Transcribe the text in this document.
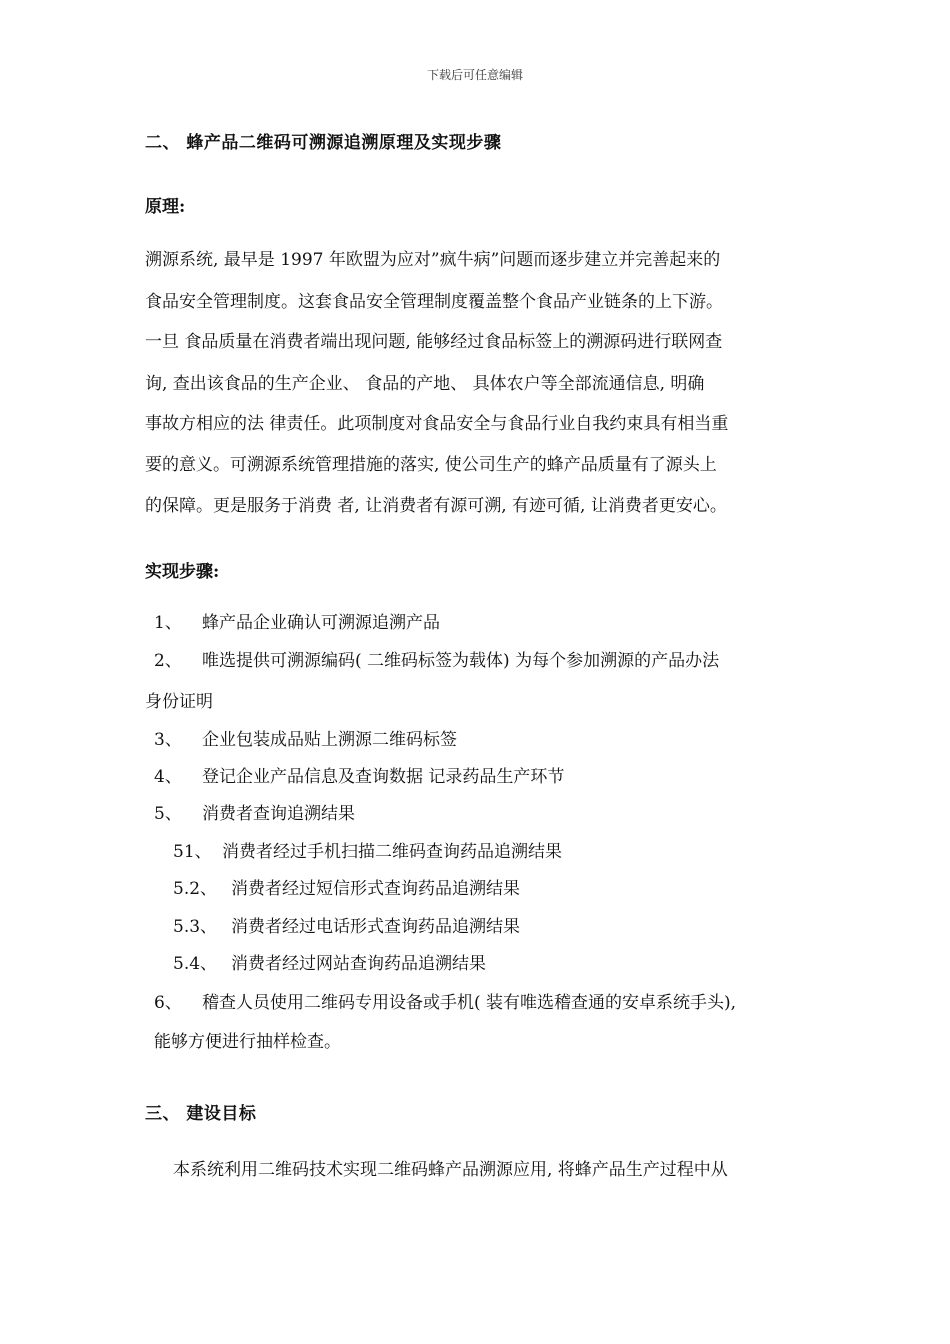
下载后可任意编辑
二、 蜂产品二维码可溯源追溯原理及实现步骤
原理:
溯源系统, 最早是 1997 年欧盟为应对”疯牛病”问题而逐步建立并完善起来的
食品安全管理制度。这套食品安全管理制度覆盖整个食品产业链条的上下游。
一旦 食品质量在消费者端出现问题, 能够经过食品标签上的溯源码进行联网查
询, 查出该食品的生产企业、 食品的产地、 具体农户等全部流通信息, 明确
事故方相应的法 律责任。此项制度对食品安全与食品行业自我约束具有相当重
要的意义。可溯源系统管理措施的落实, 使公司生产的蜂产品质量有了源头上
的保障。更是服务于消费 者, 让消费者有源可溯, 有迹可循, 让消费者更安心。
实现步骤:
1、 蜂产品企业确认可溯源追溯产品
2、 唯选提供可溯源编码( 二维码标签为载体) 为每个参加溯源的产品办法
身份证明
3、 企业包装成品贴上溯源二维码标签
4、 登记企业产品信息及查询数据 记录药品生产环节
5、 消费者查询追溯结果
51、 消费者经过手机扫描二维码查询药品追溯结果
5.2、 消费者经过短信形式查询药品追溯结果
5.3、 消费者经过电话形式查询药品追溯结果
5.4、 消费者经过网站查询药品追溯结果
6、 稽查人员使用二维码专用设备或手机( 装有唯选稽查通的安卓系统手头),
能够方便进行抽样检查。
三、 建设目标
本系统利用二维码技术实现二维码蜂产品溯源应用, 将蜂产品生产过程中从
